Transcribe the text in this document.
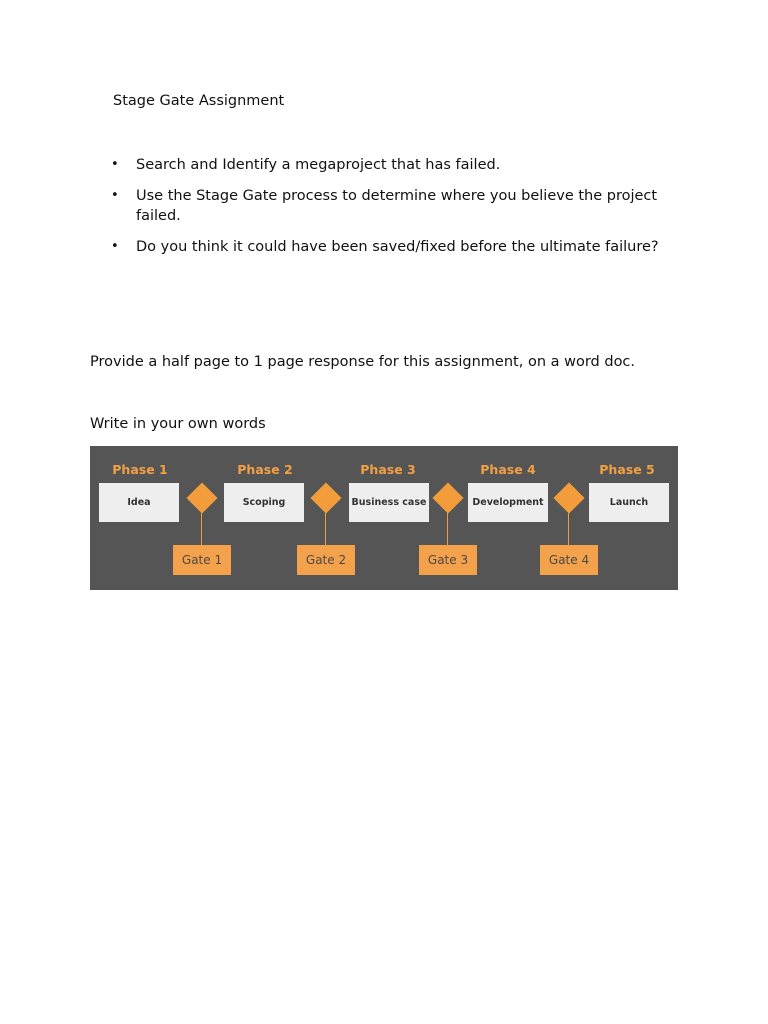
Stage Gate Assignment
• Search and Identify a megaproject that has failed.
• Use the Stage Gate process to determine where you believe the project failed.
• Do you think it could have been saved/fixed before the ultimate failure?
Provide a half page to 1 page response for this assignment, on a word doc.
Write in your own words
Phase 1	Phase 2	Phase 3	Phase 4	Phase 5
Idea	Scoping	Business case	Development	Launch
Gate 1	Gate 2	Gate 3	Gate 4
